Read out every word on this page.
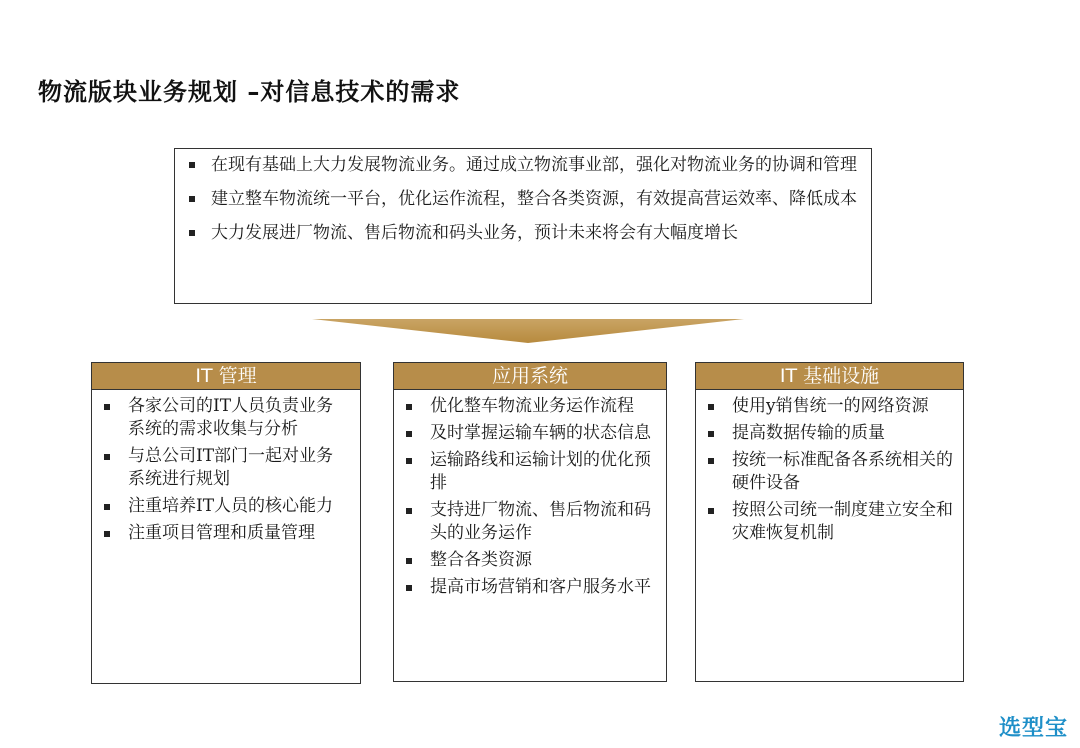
物流版块业务规划 –对信息技术的需求
在现有基础上大力发展物流业务。通过成立物流事业部，强化对物流业务的协调和管理
建立整车物流统一平台，优化运作流程，整合各类资源，有效提高营运效率、降低成本
大力发展进厂物流、售后物流和码头业务，预计未来将会有大幅度增长
IT 管理
各家公司的IT人员负责业务系统的需求收集与分析
与总公司IT部门一起对业务系统进行规划
注重培养IT人员的核心能力
注重项目管理和质量管理
应用系统
优化整车物流业务运作流程
及时掌握运输车辆的状态信息
运输路线和运输计划的优化预排
支持进厂物流、售后物流和码头的业务运作
整合各类资源
提高市场营销和客户服务水平
IT 基础设施
使用y销售统一的网络资源
提高数据传输的质量
按统一标准配备各系统相关的硬件设备
按照公司统一制度建立安全和灾难恢复机制
选型宝
